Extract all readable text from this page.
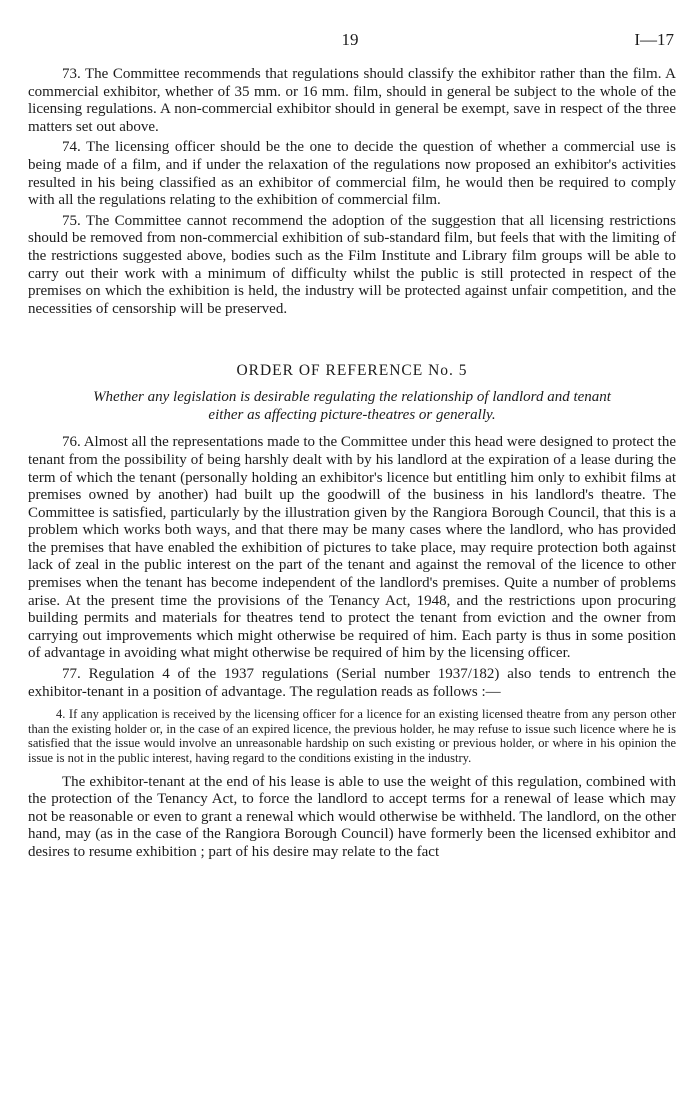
19	I—17

73. The Committee recommends that regulations should classify the exhibitor rather than the film. A commercial exhibitor, whether of 35 mm. or 16 mm. film, should in general be subject to the whole of the licensing regulations. A non-commercial exhibitor should in general be exempt, save in respect of the three matters set out above.

74. The licensing officer should be the one to decide the question of whether a commercial use is being made of a film, and if under the relaxation of the regulations now proposed an exhibitor's activities resulted in his being classified as an exhibitor of commercial film, he would then be required to comply with all the regulations relating to the exhibition of commercial film.

75. The Committee cannot recommend the adoption of the suggestion that all licensing restrictions should be removed from non-commercial exhibition of sub-standard film, but feels that with the limiting of the restrictions suggested above, bodies such as the Film Institute and Library film groups will be able to carry out their work with a minimum of difficulty whilst the public is still protected in respect of the premises on which the exhibition is held, the industry will be protected against unfair competition, and the necessities of censorship will be preserved.

ORDER OF REFERENCE No. 5

Whether any legislation is desirable regulating the relationship of landlord and tenant either as affecting picture-theatres or generally.

76. Almost all the representations made to the Committee under this head were designed to protect the tenant from the possibility of being harshly dealt with by his landlord at the expiration of a lease during the term of which the tenant (personally holding an exhibitor's licence but entitling him only to exhibit films at premises owned by another) had built up the goodwill of the business in his landlord's theatre. The Committee is satisfied, particularly by the illustration given by the Rangiora Borough Council, that this is a problem which works both ways, and that there may be many cases where the landlord, who has provided the premises that have enabled the exhibition of pictures to take place, may require protection both against lack of zeal in the public interest on the part of the tenant and against the removal of the licence to other premises when the tenant has become independent of the landlord's premises. Quite a number of problems arise. At the present time the provisions of the Tenancy Act, 1948, and the restrictions upon procuring building permits and materials for theatres tend to protect the tenant from eviction and the owner from carrying out improvements which might otherwise be required of him. Each party is thus in some position of advantage in avoiding what might otherwise be required of him by the licensing officer.

77. Regulation 4 of the 1937 regulations (Serial number 1937/182) also tends to entrench the exhibitor-tenant in a position of advantage. The regulation reads as follows :—

4. If any application is received by the licensing officer for a licence for an existing licensed theatre from any person other than the existing holder or, in the case of an expired licence, the previous holder, he may refuse to issue such licence where he is satisfied that the issue would involve an unreasonable hardship on such existing or previous holder, or where in his opinion the issue is not in the public interest, having regard to the conditions existing in the industry.

The exhibitor-tenant at the end of his lease is able to use the weight of this regulation, combined with the protection of the Tenancy Act, to force the landlord to accept terms for a renewal of lease which may not be reasonable or even to grant a renewal which would otherwise be withheld. The landlord, on the other hand, may (as in the case of the Rangiora Borough Council) have formerly been the licensed exhibitor and desires to resume exhibition ; part of his desire may relate to the fact
